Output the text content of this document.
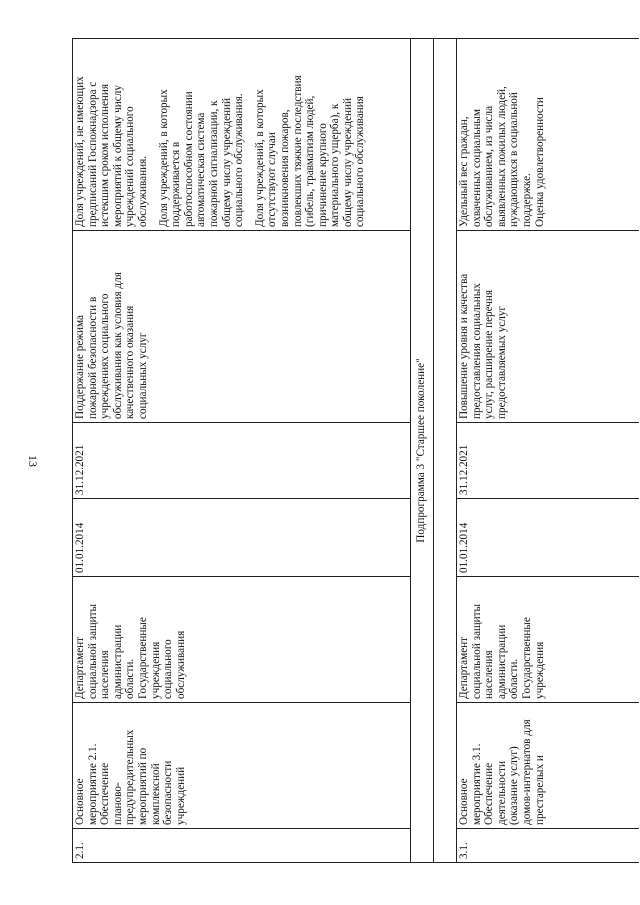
13
2.1.
Основное мероприятие 2.1. Обеспечение планово- предупредительных мероприятий по комплексной безопасности учреждений
Департамент социальной защиты населения администрации области. Государственные учреждения социального обслуживания
01.01.2014
31.12.2021
Поддержание режима пожарной безопасности в учреждениях социального обслуживания как условия для качественного оказания социальных услуг
Доля учреждений, не имеющих предписаний Госпожнадзора с истекшим сроком исполнения мероприятий к общему числу учреждений социального обслуживания. Доля учреждений, в которых поддерживается в работоспособном состоянии автоматическая система пожарной сигнализации, к общему числу учреждений социального обслуживания. Доля учреждений, в которых отсутствуют случаи возникновения пожаров, повлекших тяжкие последствия (гибель, травматизм людей, причинение крупного материального ущерба), к общему числу учреждений социального обслуживания
Подпрограмма 3 "Старшее поколение"
3.1.
Основное мероприятие 3.1. Обеспечение деятельности (оказание услуг) домов-интернатов для престарелых и
Департамент социальной защиты населения администрации области. Государственные учреждения
01.01.2014
31.12.2021
Повышение уровня и качества предоставления социальных услуг, расширение перечня предоставляемых услуг
Удельный вес граждан, охваченных социальным обслуживанием, из числа выявленных пожилых людей, нуждающихся в социальной поддержке. Оценка удовлетворенности
